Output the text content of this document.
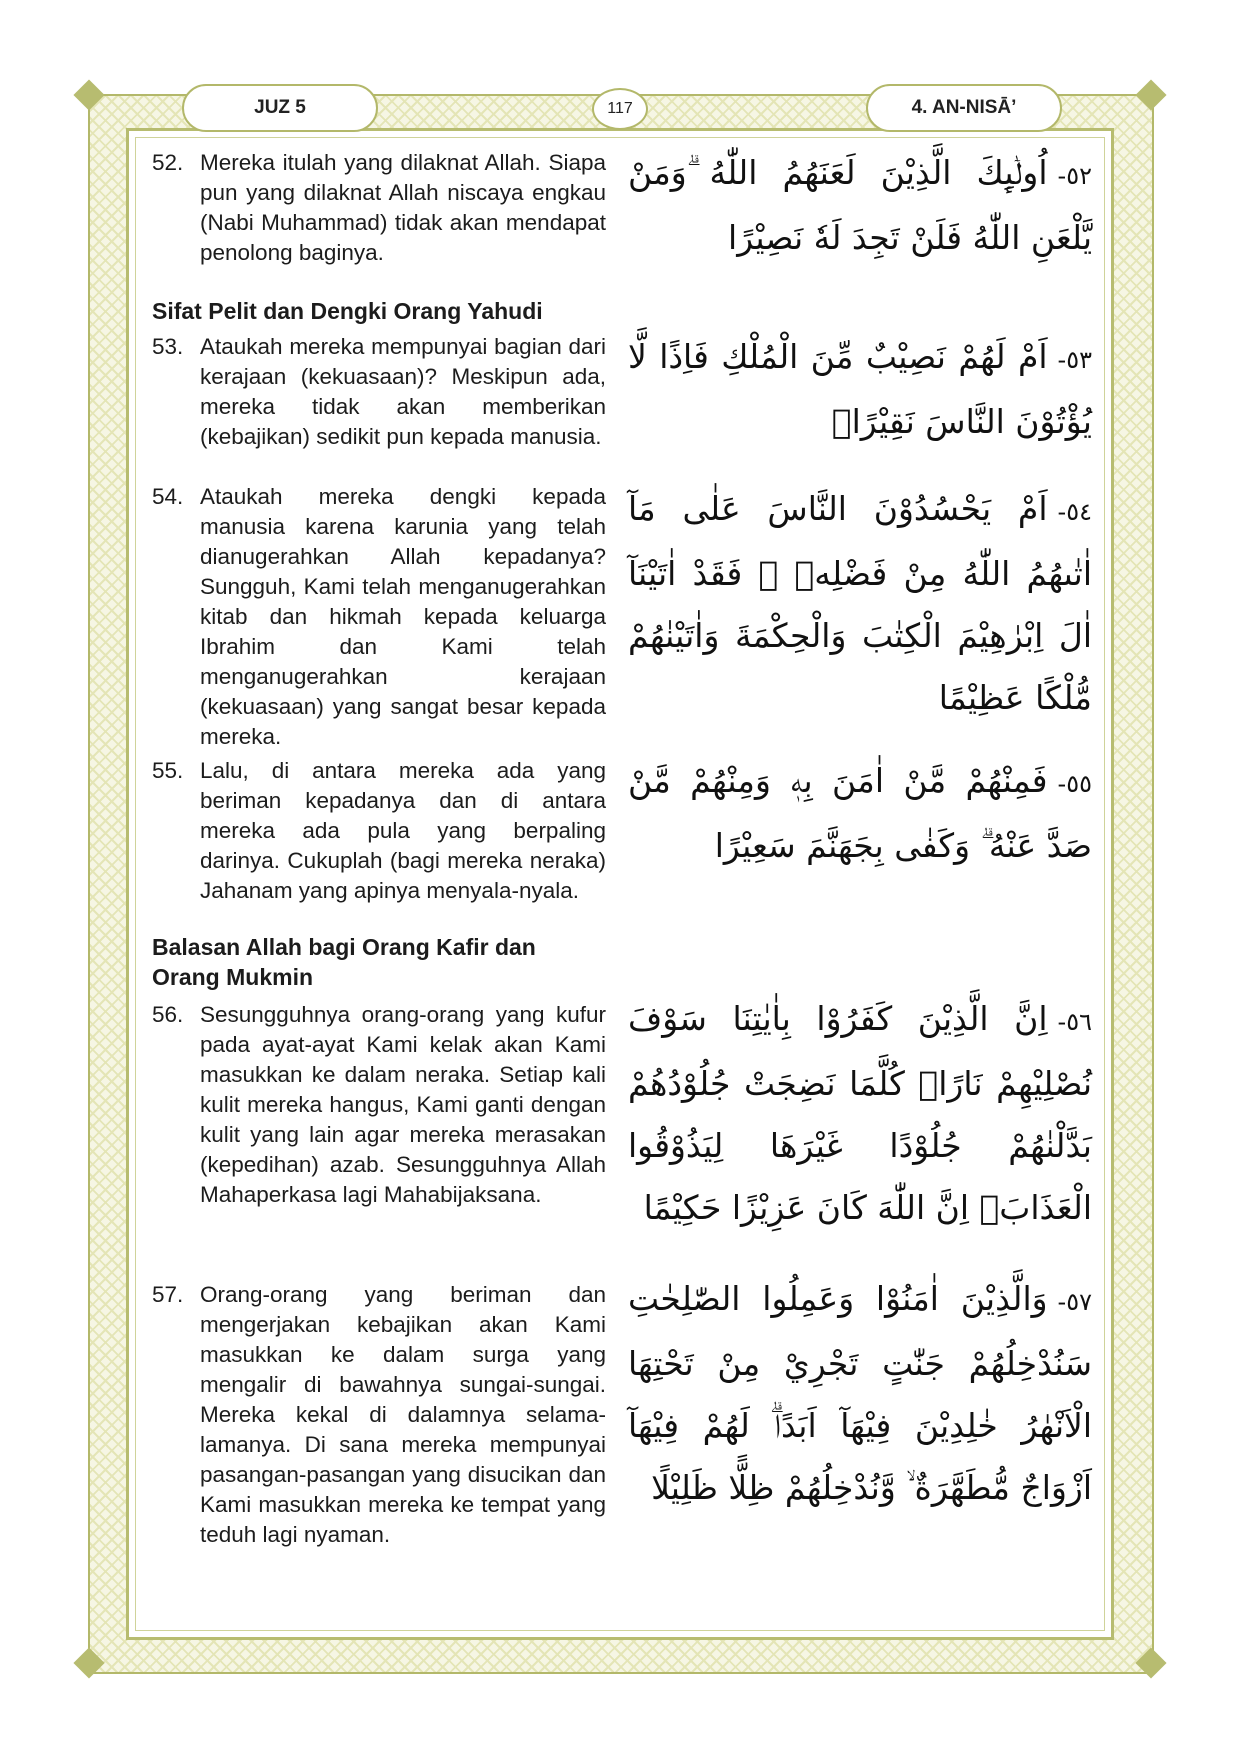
JUZ 5	117	4. AN-NISĀ’
52. Mereka itulah yang dilaknat Allah. Siapa pun yang dilaknat Allah niscaya engkau (Nabi Muhammad) tidak akan mendapat penolong baginya.
٥٢-اُولٰۤىِٕكَ الَّذِيْنَ لَعَنَهُمُ اللّٰهُ ۗوَمَنْ يَّلْعَنِ اللّٰهُ فَلَنْ تَجِدَ لَهٗ نَصِيْرًا
Sifat Pelit dan Dengki Orang Yahudi
53. Ataukah mereka mempunyai bagian dari kerajaan (kekuasaan)? Meskipun ada, mereka tidak akan memberikan (kebajikan) sedikit pun kepada manusia.
٥٣-اَمْ لَهُمْ نَصِيْبٌ مِّنَ الْمُلْكِ فَاِذًا لَّا يُؤْتُوْنَ النَّاسَ نَقِيْرًاۙ
54. Ataukah mereka dengki kepada manusia karena karunia yang telah dianugerahkan Allah kepadanya? Sungguh, Kami telah menganugerahkan kitab dan hikmah kepada keluarga Ibrahim dan Kami telah menganugerahkan kerajaan (kekuasaan) yang sangat besar kepada mereka.
٥٤-اَمْ يَحْسُدُوْنَ النَّاسَ عَلٰى مَآ اٰتٰىهُمُ اللّٰهُ مِنْ فَضْلِهٖ ۚ فَقَدْ اٰتَيْنَآ اٰلَ اِبْرٰهِيْمَ الْكِتٰبَ وَالْحِكْمَةَ وَاٰتَيْنٰهُمْ مُّلْكًا عَظِيْمًا
55. Lalu, di antara mereka ada yang beriman kepadanya dan di antara mereka ada pula yang berpaling darinya. Cukuplah (bagi mereka neraka) Jahanam yang apinya menyala-nyala.
٥٥-فَمِنْهُمْ مَّنْ اٰمَنَ بِهٖ وَمِنْهُمْ مَّنْ صَدَّ عَنْهُ ۗ وَكَفٰى بِجَهَنَّمَ سَعِيْرًا
Balasan Allah bagi Orang Kafir dan Orang Mukmin
56. Sesungguhnya orang-orang yang kufur pada ayat-ayat Kami kelak akan Kami masukkan ke dalam neraka. Setiap kali kulit mereka hangus, Kami ganti dengan kulit yang lain agar mereka merasakan (kepedihan) azab. Sesungguhnya Allah Mahaperkasa lagi Mahabijaksana.
٥٦-اِنَّ الَّذِيْنَ كَفَرُوْا بِاٰيٰتِنَا سَوْفَ نُصْلِيْهِمْ نَارًاۗ كُلَّمَا نَضِجَتْ جُلُوْدُهُمْ بَدَّلْنٰهُمْ جُلُوْدًا غَيْرَهَا لِيَذُوْقُوا الْعَذَابَۗ اِنَّ اللّٰهَ كَانَ عَزِيْزًا حَكِيْمًا
57. Orang-orang yang beriman dan mengerjakan kebajikan akan Kami masukkan ke dalam surga yang mengalir di bawahnya sungai-sungai. Mereka kekal di dalamnya selama-lamanya. Di sana mereka mempunyai pasangan-pasangan yang disucikan dan Kami masukkan mereka ke tempat yang teduh lagi nyaman.
٥٧-وَالَّذِيْنَ اٰمَنُوْا وَعَمِلُوا الصّٰلِحٰتِ سَنُدْخِلُهُمْ جَنّٰتٍ تَجْرِيْ مِنْ تَحْتِهَا الْاَنْهٰرُ خٰلِدِيْنَ فِيْهَآ اَبَدًاۗ لَهُمْ فِيْهَآ اَزْوَاجٌ مُّطَهَّرَةٌ ۙ وَّنُدْخِلُهُمْ ظِلًّا ظَلِيْلًا
